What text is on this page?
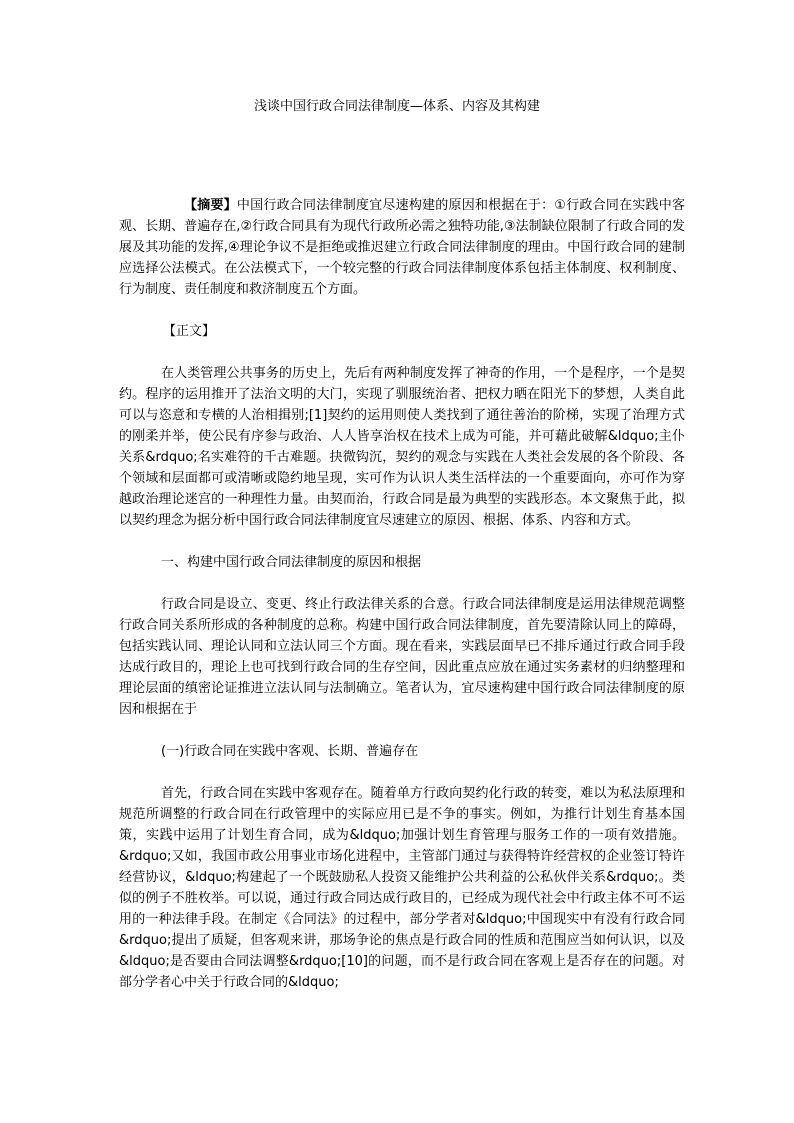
浅谈中国行政合同法律制度—体系、内容及其构建

【摘要】中国行政合同法律制度宜尽速构建的原因和根据在于：①行政合同在实践中客观、长期、普遍存在,②行政合同具有为现代行政所必需之独特功能,③法制缺位限制了行政合同的发展及其功能的发挥,④理论争议不是拒绝或推迟建立行政合同法律制度的理由。中国行政合同的建制应选择公法模式。在公法模式下，一个较完整的行政合同法律制度体系包括主体制度、权利制度、行为制度、责任制度和救济制度五个方面。

【正文】

在人类管理公共事务的历史上，先后有两种制度发挥了神奇的作用，一个是程序，一个是契约。程序的运用推开了法治文明的大门，实现了驯服统治者、把权力晒在阳光下的梦想，人类自此可以与恣意和专横的人治相揖别;[1]契约的运用则使人类找到了通往善治的阶梯，实现了治理方式的刚柔并举，使公民有序参与政治、人人皆享治权在技术上成为可能，并可藉此破解&ldquo;主仆关系&rdquo;名实难符的千古难题。抉微钩沉，契约的观念与实践在人类社会发展的各个阶段、各个领域和层面都可或清晰或隐约地呈现，实可作为认识人类生活样法的一个重要面向，亦可作为穿越政治理论迷宫的一种理性力量。由契而治，行政合同是最为典型的实践形态。本文聚焦于此，拟以契约理念为据分析中国行政合同法律制度宜尽速建立的原因、根据、体系、内容和方式。

一、构建中国行政合同法律制度的原因和根据

行政合同是设立、变更、终止行政法律关系的合意。行政合同法律制度是运用法律规范调整行政合同关系所形成的各种制度的总称。构建中国行政合同法律制度，首先要清除认同上的障碍，包括实践认同、理论认同和立法认同三个方面。现在看来，实践层面早已不排斥通过行政合同手段达成行政目的，理论上也可找到行政合同的生存空间，因此重点应放在通过实务素材的归纳整理和理论层面的缜密论证推进立法认同与法制确立。笔者认为，宜尽速构建中国行政合同法律制度的原因和根据在于

(一)行政合同在实践中客观、长期、普遍存在

首先，行政合同在实践中客观存在。随着单方行政向契约化行政的转变，难以为私法原理和规范所调整的行政合同在行政管理中的实际应用已是不争的事实。例如，为推行计划生育基本国策，实践中运用了计划生育合同，成为&ldquo;加强计划生育管理与服务工作的一项有效措施。&rdquo;又如，我国市政公用事业市场化进程中，主管部门通过与获得特许经营权的企业签订特许经营协议，&ldquo;构建起了一个既鼓励私人投资又能维护公共利益的公私伙伴关系&rdquo;。类似的例子不胜枚举。可以说，通过行政合同达成行政目的，已经成为现代社会中行政主体不可不运用的一种法律手段。在制定《合同法》的过程中，部分学者对&ldquo;中国现实中有没有行政合同&rdquo;提出了质疑，但客观来讲，那场争论的焦点是行政合同的性质和范围应当如何认识，以及&ldquo;是否要由合同法调整&rdquo;[10]的问题，而不是行政合同在客观上是否存在的问题。对部分学者心中关于行政合同的&ldquo;
